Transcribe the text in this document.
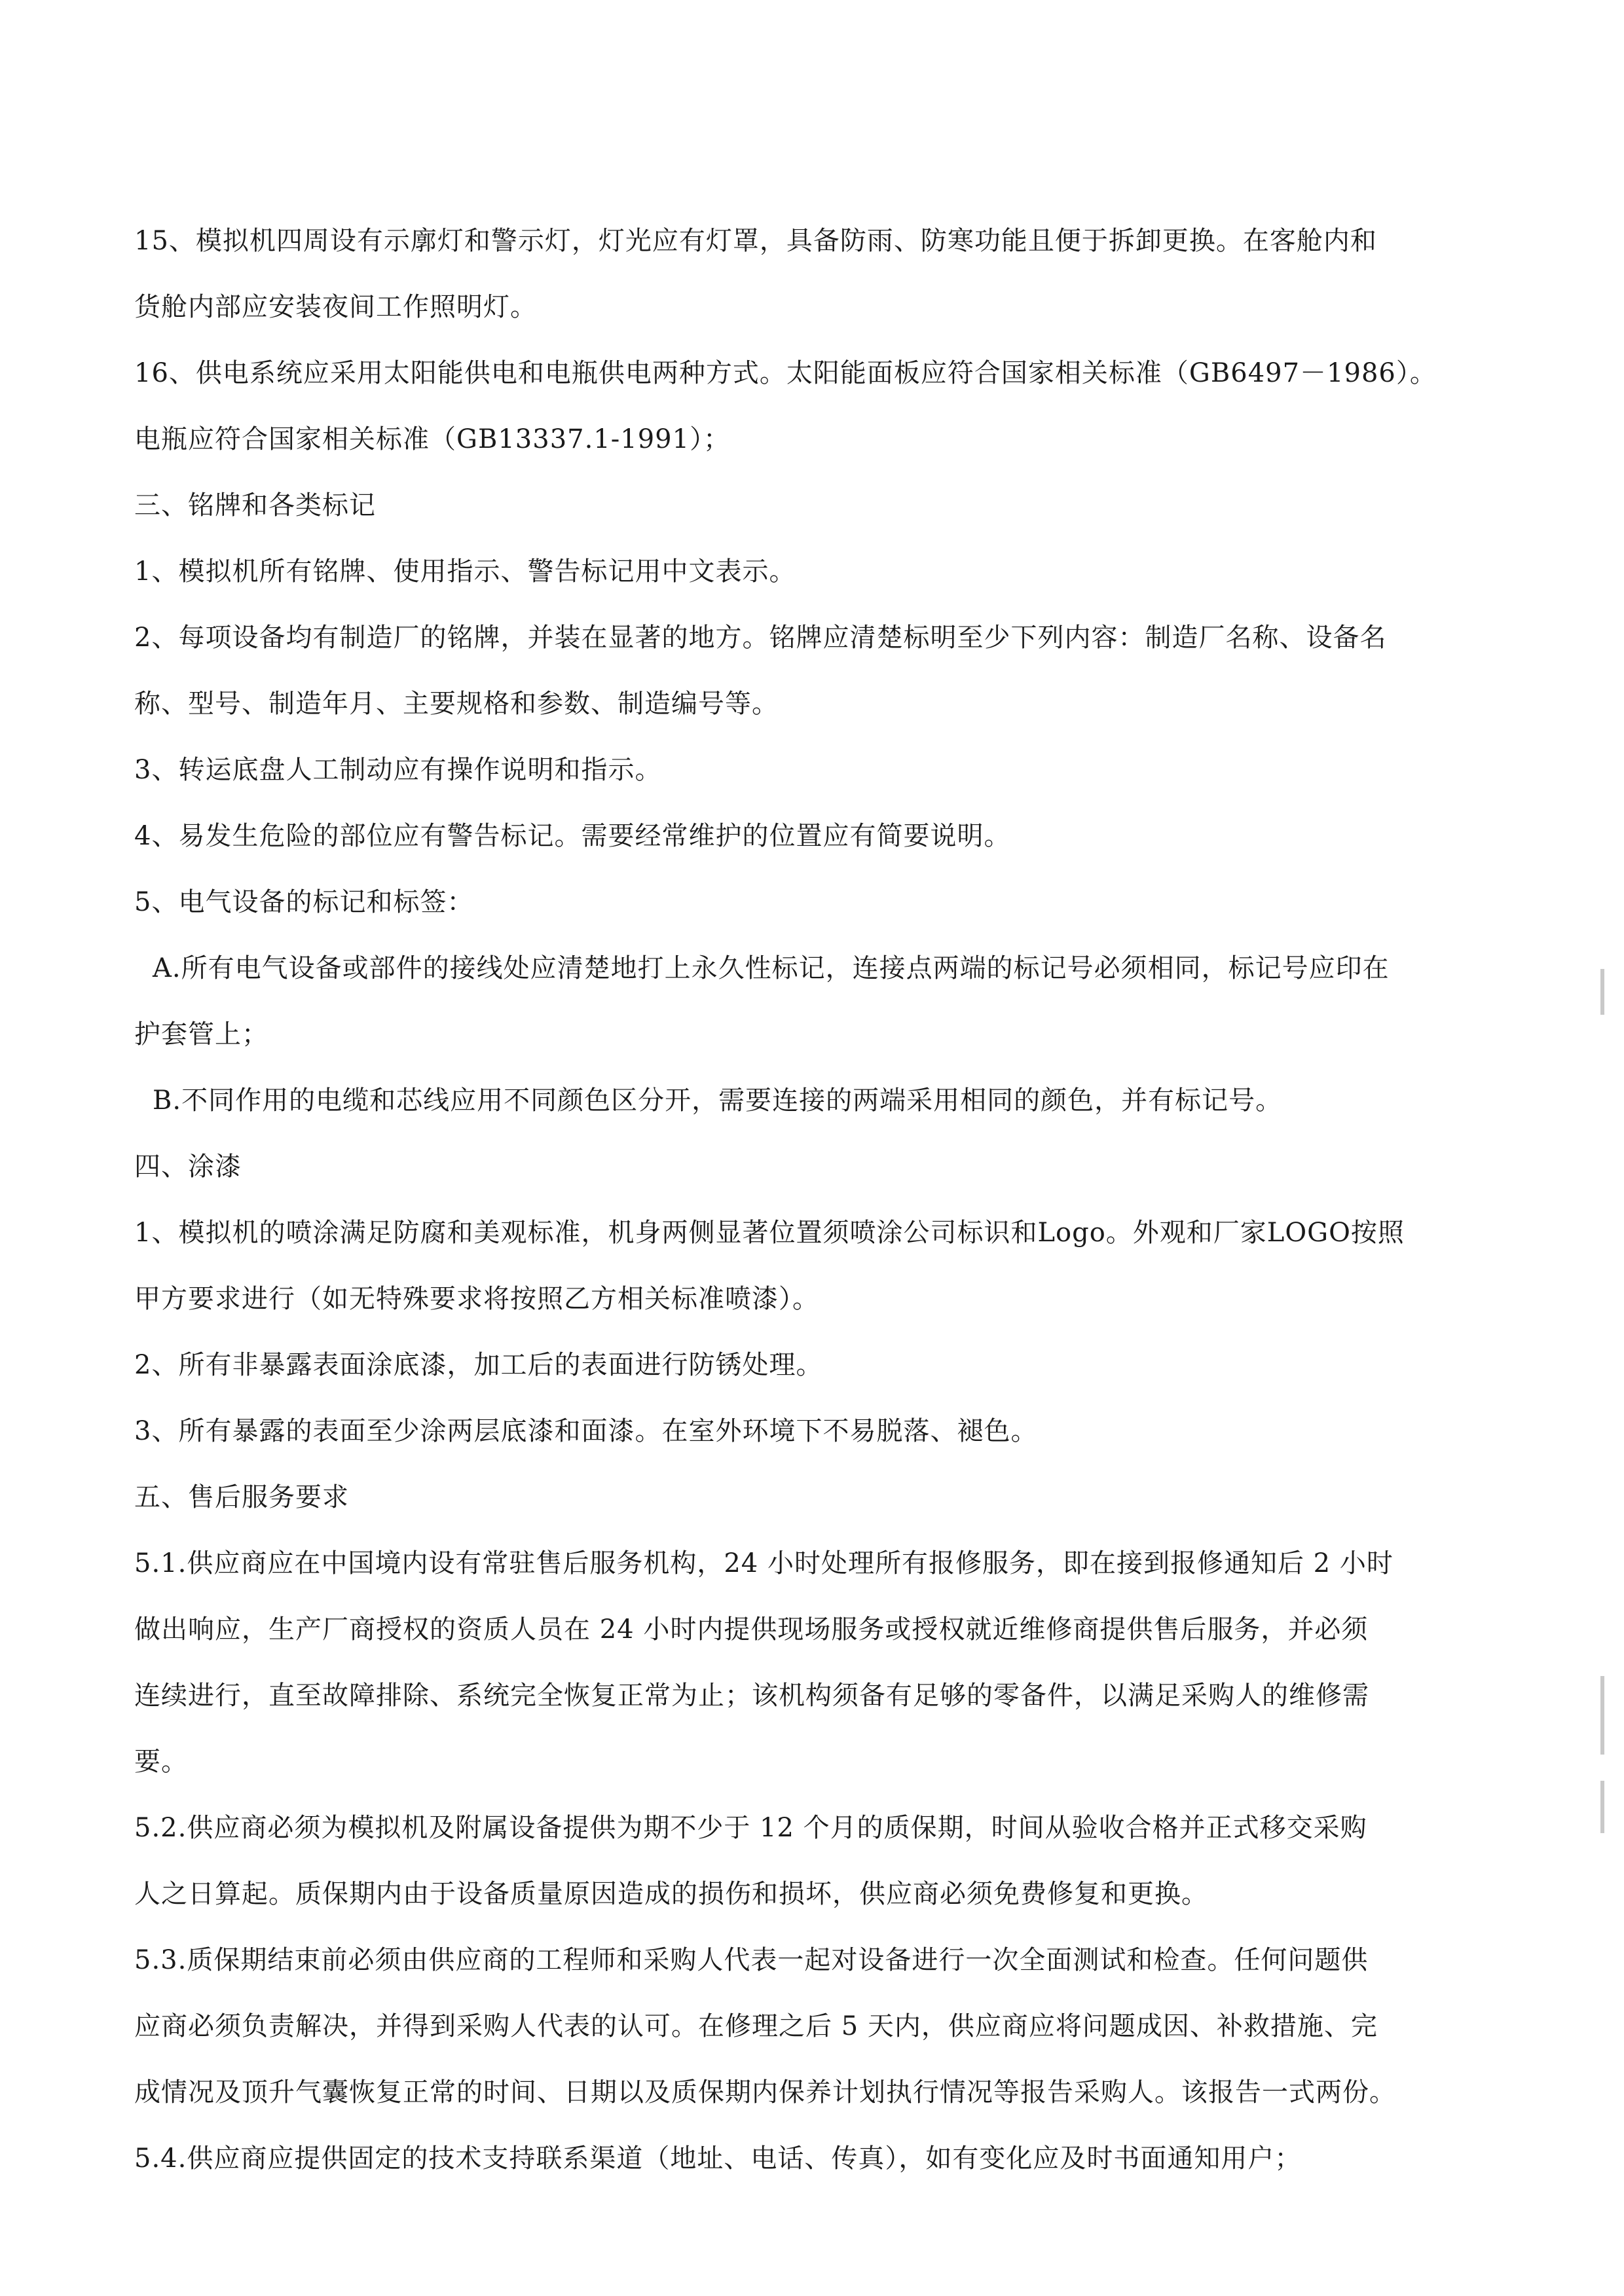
15、模拟机四周设有示廓灯和警示灯，灯光应有灯罩，具备防雨、防寒功能且便于拆卸更换。在客舱内和
货舱内部应安装夜间工作照明灯。
16、供电系统应采用太阳能供电和电瓶供电两种方式。太阳能面板应符合国家相关标准（GB6497－1986）。
电瓶应符合国家相关标准（GB13337.1-1991）；
三、铭牌和各类标记
1、模拟机所有铭牌、使用指示、警告标记用中文表示。
2、每项设备均有制造厂的铭牌，并装在显著的地方。铭牌应清楚标明至少下列内容：制造厂名称、设备名
称、型号、制造年月、主要规格和参数、制造编号等。
3、转运底盘人工制动应有操作说明和指示。
4、易发生危险的部位应有警告标记。需要经常维护的位置应有简要说明。
5、电气设备的标记和标签：
A.所有电气设备或部件的接线处应清楚地打上永久性标记，连接点两端的标记号必须相同，标记号应印在
护套管上；
B.不同作用的电缆和芯线应用不同颜色区分开，需要连接的两端采用相同的颜色，并有标记号。
四、涂漆
1、模拟机的喷涂满足防腐和美观标准，机身两侧显著位置须喷涂公司标识和Logo。外观和厂家LOGO按照
甲方要求进行（如无特殊要求将按照乙方相关标准喷漆）。
2、所有非暴露表面涂底漆，加工后的表面进行防锈处理。
3、所有暴露的表面至少涂两层底漆和面漆。在室外环境下不易脱落、褪色。
五、售后服务要求
5.1.供应商应在中国境内设有常驻售后服务机构，24 小时处理所有报修服务，即在接到报修通知后 2 小时
做出响应，生产厂商授权的资质人员在 24 小时内提供现场服务或授权就近维修商提供售后服务，并必须
连续进行，直至故障排除、系统完全恢复正常为止；该机构须备有足够的零备件，以满足采购人的维修需
要。
5.2.供应商必须为模拟机及附属设备提供为期不少于 12 个月的质保期，时间从验收合格并正式移交采购
人之日算起。质保期内由于设备质量原因造成的损伤和损坏，供应商必须免费修复和更换。
5.3.质保期结束前必须由供应商的工程师和采购人代表一起对设备进行一次全面测试和检查。任何问题供
应商必须负责解决，并得到采购人代表的认可。在修理之后 5 天内，供应商应将问题成因、补救措施、完
成情况及顶升气囊恢复正常的时间、日期以及质保期内保养计划执行情况等报告采购人。该报告一式两份。
5.4.供应商应提供固定的技术支持联系渠道（地址、电话、传真），如有变化应及时书面通知用户；
